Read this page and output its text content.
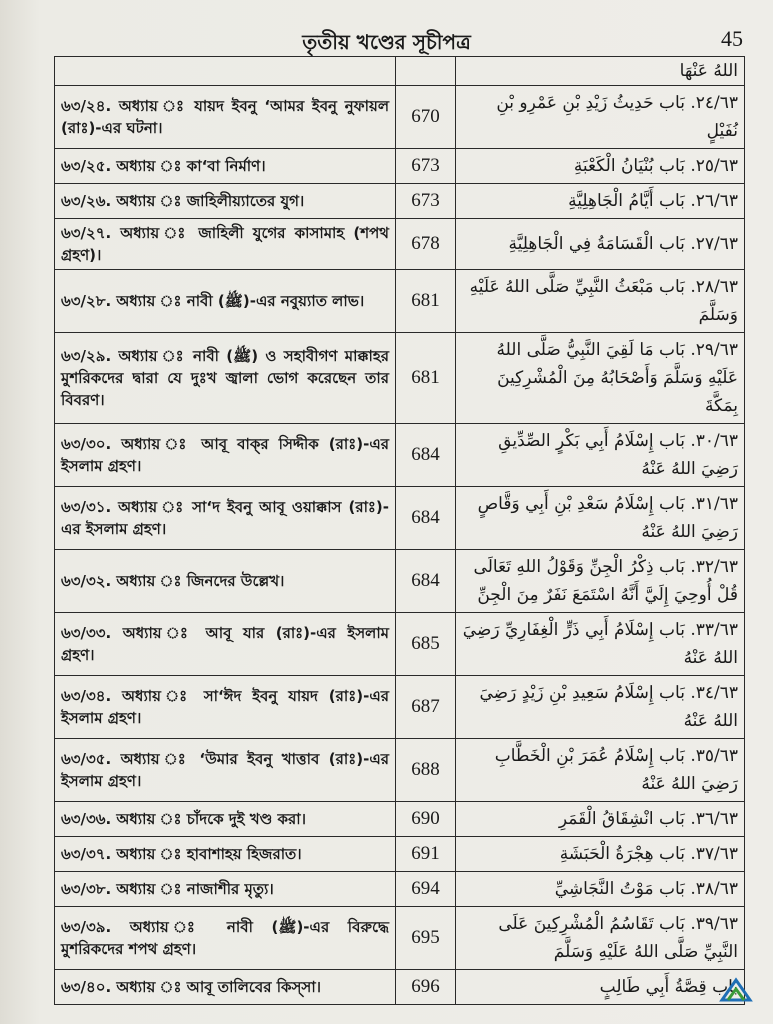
তৃতীয় খণ্ডের সূচীপত্র	45
		اللهُ عَنْهَا
৬৩/২৪. অধ্যায় ঃ যায়দ ইবনু ‘আমর ইবনু নুফায়ল (রাঃ)-এর ঘটনা।	670	٢٤/٦٣. بَاب حَدِيثُ زَيْدِ بْنِ عَمْرِو بْنِ نُفَيْلٍ
৬৩/২৫. অধ্যায় ঃ কা‘বা নির্মাণ।	673	٢٥/٦٣. بَاب بُنْيَانُ الْكَعْبَةِ
৬৩/২৬. অধ্যায় ঃ জাহিলীয়্যাতের যুগ।	673	٢٦/٦٣. بَاب أَيَّامُ الْجَاهِلِيَّةِ
৬৩/২৭. অধ্যায় ঃ জাহিলী যুগের কাসামাহ (শপথ গ্রহণ)।	678	٢٧/٦٣. بَاب الْقَسَامَةُ فِي الْجَاهِلِيَّةِ
৬৩/২৮. অধ্যায় ঃ নাবী (ﷺ)-এর নবুয়্যাত লাভ।	681	٢٨/٦٣. بَاب مَبْعَثُ النَّبِيِّ صَلَّى اللهُ عَلَيْهِ وَسَلَّمَ
৬৩/২৯. অধ্যায় ঃ নাবী (ﷺ) ও সহাবীগণ মাক্কাহর মুশরিকদের দ্বারা যে দুঃখ জ্বালা ভোগ করেছেন তার বিবরণ।	681	٢٩/٦٣. بَاب مَا لَقِيَ النَّبِيُّ صَلَّى اللهُ عَلَيْهِ وَسَلَّمَ وَأَصْحَابُهُ مِنَ الْمُشْرِكِينَ بِمَكَّةَ
৬৩/৩০. অধ্যায় ঃ আবূ বাক্‌র সিদ্দীক (রাঃ)-এর ইসলাম গ্রহণ।	684	٣٠/٦٣. بَاب إِسْلَامُ أَبِي بَكْرٍ الصِّدِّيقِ رَضِيَ اللهُ عَنْهُ
৬৩/৩১. অধ্যায় ঃ সা‘দ ইবনু আবূ ওয়াক্কাস (রাঃ)-এর ইসলাম গ্রহণ।	684	٣١/٦٣. بَاب إِسْلَامُ سَعْدِ بْنِ أَبِي وَقَّاصٍ رَضِيَ اللهُ عَنْهُ
৬৩/৩২. অধ্যায় ঃ জিনদের উল্লেখ।	684	٣٢/٦٣. بَاب ذِكْرُ الْجِنِّ وَقَوْلُ اللهِ تَعَالَى قُلْ أُوحِيَ إِلَيَّ أَنَّهُ اسْتَمَعَ نَفَرٌ مِنَ الْجِنِّ
৬৩/৩৩. অধ্যায় ঃ আবূ যার (রাঃ)-এর ইসলাম গ্রহণ।	685	٣٣/٦٣. بَاب إِسْلَامُ أَبِي ذَرٍّ الْغِفَارِيِّ رَضِيَ اللهُ عَنْهُ
৬৩/৩৪. অধ্যায় ঃ সা‘ঈদ ইবনু যায়দ (রাঃ)-এর ইসলাম গ্রহণ।	687	٣٤/٦٣. بَاب إِسْلَامُ سَعِيدِ بْنِ زَيْدٍ رَضِيَ اللهُ عَنْهُ
৬৩/৩৫. অধ্যায় ঃ ‘উমার ইবনু খাত্তাব (রাঃ)-এর ইসলাম গ্রহণ।	688	٣٥/٦٣. بَاب إِسْلَامُ عُمَرَ بْنِ الْخَطَّابِ رَضِيَ اللهُ عَنْهُ
৬৩/৩৬. অধ্যায় ঃ চাঁদকে দুই খণ্ড করা।	690	٣٦/٦٣. بَاب انْشِقَاقُ الْقَمَرِ
৬৩/৩৭. অধ্যায় ঃ হাবাশাহয় হিজরাত।	691	٣٧/٦٣. بَاب هِجْرَةُ الْحَبَشَةِ
৬৩/৩৮. অধ্যায় ঃ নাজাশীর মৃত্যু।	694	٣٨/٦٣. بَاب مَوْتُ النَّجَاشِيِّ
৬৩/৩৯. অধ্যায় ঃ নাবী (ﷺ)-এর বিরুদ্ধে মুশরিকদের শপথ গ্রহণ।	695	٣٩/٦٣. بَاب تَقَاسُمُ الْمُشْرِكِينَ عَلَى النَّبِيِّ صَلَّى اللهُ عَلَيْهِ وَسَلَّمَ
৬৩/৪০. অধ্যায় ঃ আবূ তালিবের কিস্‌সা।	696	بَاب قِصَّةُ أَبِي طَالِبٍ
